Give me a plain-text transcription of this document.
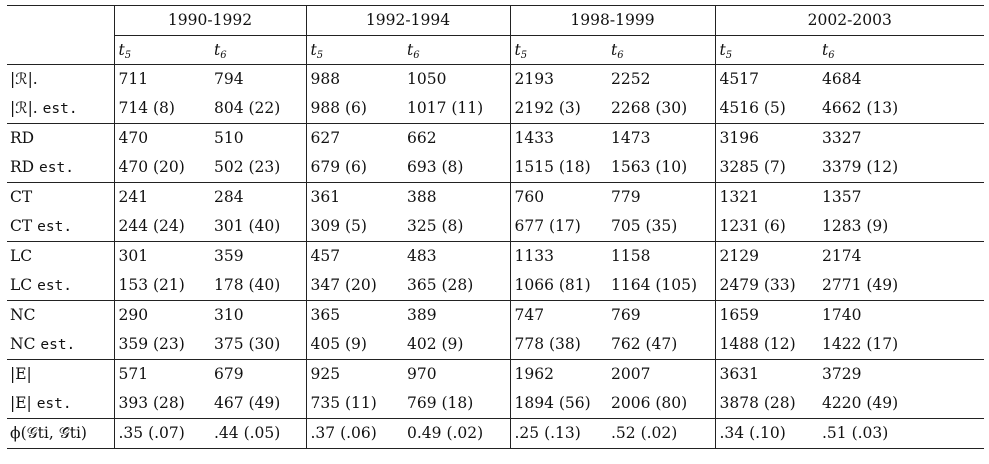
	1990-1992		1992-1994		1998-1999		2002-2003	
	$t_5$	$t_6$	$t_5$	$t_6$	$t_5$	$t_6$	$t_5$	$t_6$
|ℛ|.	711	794	988	1050	2193	2252	4517	4684
|ℛ|. est.	714 (8)	804 (22)	988 (6)	1017 (11)	2192 (3)	2268 (30)	4516 (5)	4662 (13)
RD	470	510	627	662	1433	1473	3196	3327
RD est.	470 (20)	502 (23)	679 (6)	693 (8)	1515 (18)	1563 (10)	3285 (7)	3379 (12)
CT	241	284	361	388	760	779	1321	1357
CT est.	244 (24)	301 (40)	309 (5)	325 (8)	677 (17)	705 (35)	1231 (6)	1283 (9)
LC	301	359	457	483	1133	1158	2129	2174
LC est.	153 (21)	178 (40)	347 (20)	365 (28)	1066 (81)	1164 (105)	2479 (33)	2771 (49)
NC	290	310	365	389	747	769	1659	1740
NC est.	359 (23)	375 (30)	405 (9)	402 (9)	778 (38)	762 (47)	1488 (12)	1422 (17)
|E|	571	679	925	970	1962	2007	3631	3729
|E| est.	393 (28)	467 (49)	735 (11)	769 (18)	1894 (56)	2006 (80)	3878 (28)	4220 (49)
ϕ(𝒢ti, 𝒢̂ti)	.35 (.07)	.44 (.05)	.37 (.06)	0.49 (.02)	.25 (.13)	.52 (.02)	.34 (.10)	.51 (.03)
